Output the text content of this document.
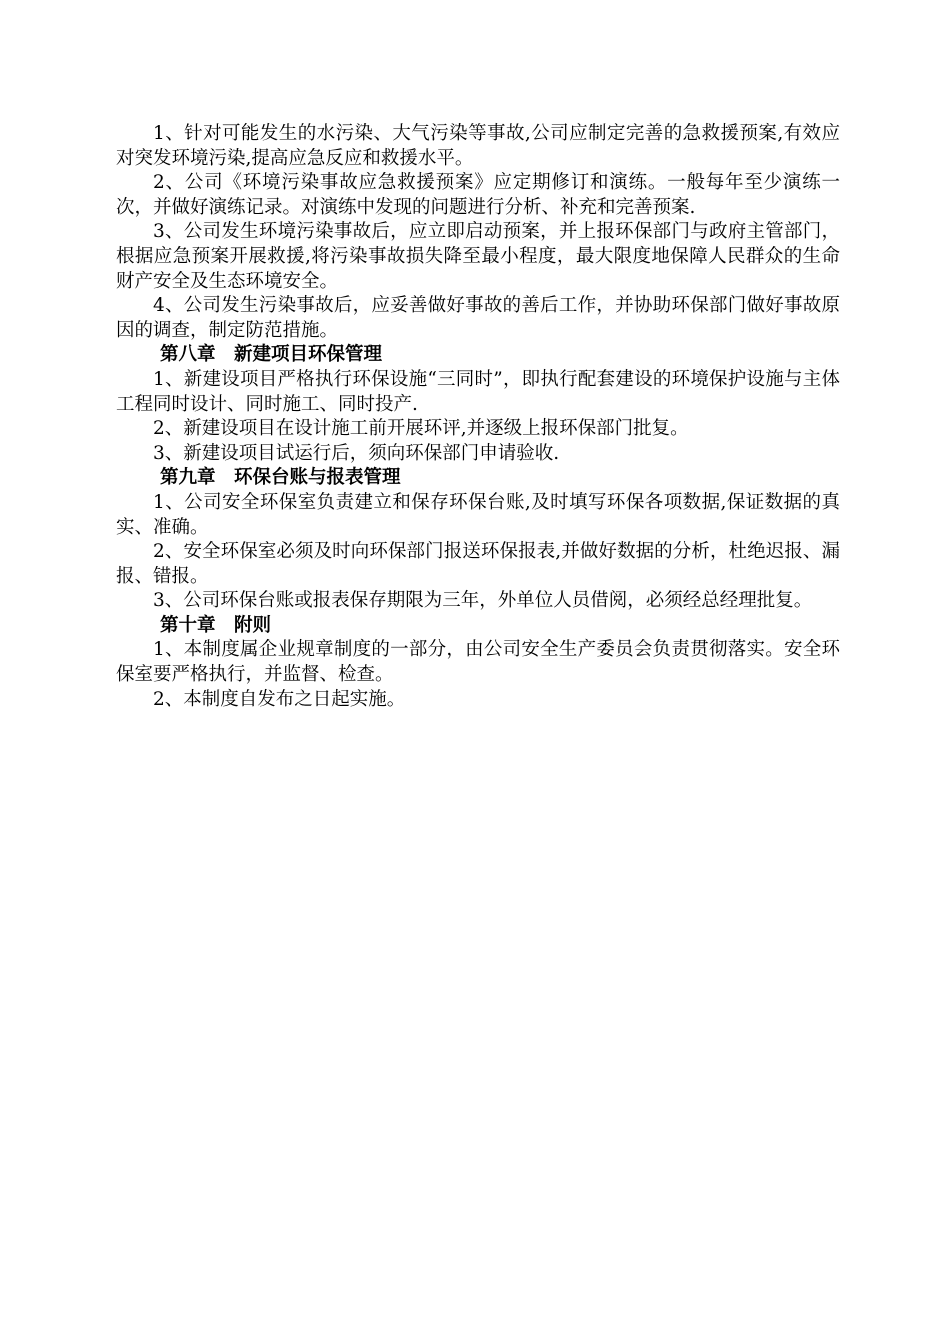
1、针对可能发生的水污染、大气污染等事故,公司应制定完善的急救援预案,有效应对突发环境污染,提高应急反应和救援水平。

2、公司《环境污染事故应急救援预案》应定期修订和演练。一般每年至少演练一次，并做好演练记录。对演练中发现的问题进行分析、补充和完善预案.

3、公司发生环境污染事故后，应立即启动预案，并上报环保部门与政府主管部门，根据应急预案开展救援,将污染事故损失降至最小程度，最大限度地保障人民群众的生命财产安全及生态环境安全。

4、公司发生污染事故后，应妥善做好事故的善后工作，并协助环保部门做好事故原因的调查，制定防范措施。

第八章　新建项目环保管理

1、新建设项目严格执行环保设施“三同时”，即执行配套建设的环境保护设施与主体工程同时设计、同时施工、同时投产.

2、新建设项目在设计施工前开展环评,并逐级上报环保部门批复。

3、新建设项目试运行后，须向环保部门申请验收.

第九章　环保台账与报表管理

1、公司安全环保室负责建立和保存环保台账,及时填写环保各项数据,保证数据的真实、准确。

2、安全环保室必须及时向环保部门报送环保报表,并做好数据的分析，杜绝迟报、漏报、错报。

3、公司环保台账或报表保存期限为三年，外单位人员借阅，必须经总经理批复。

第十章　附则

1、本制度属企业规章制度的一部分，由公司安全生产委员会负责贯彻落实。安全环保室要严格执行，并监督、检查。

2、本制度自发布之日起实施。
